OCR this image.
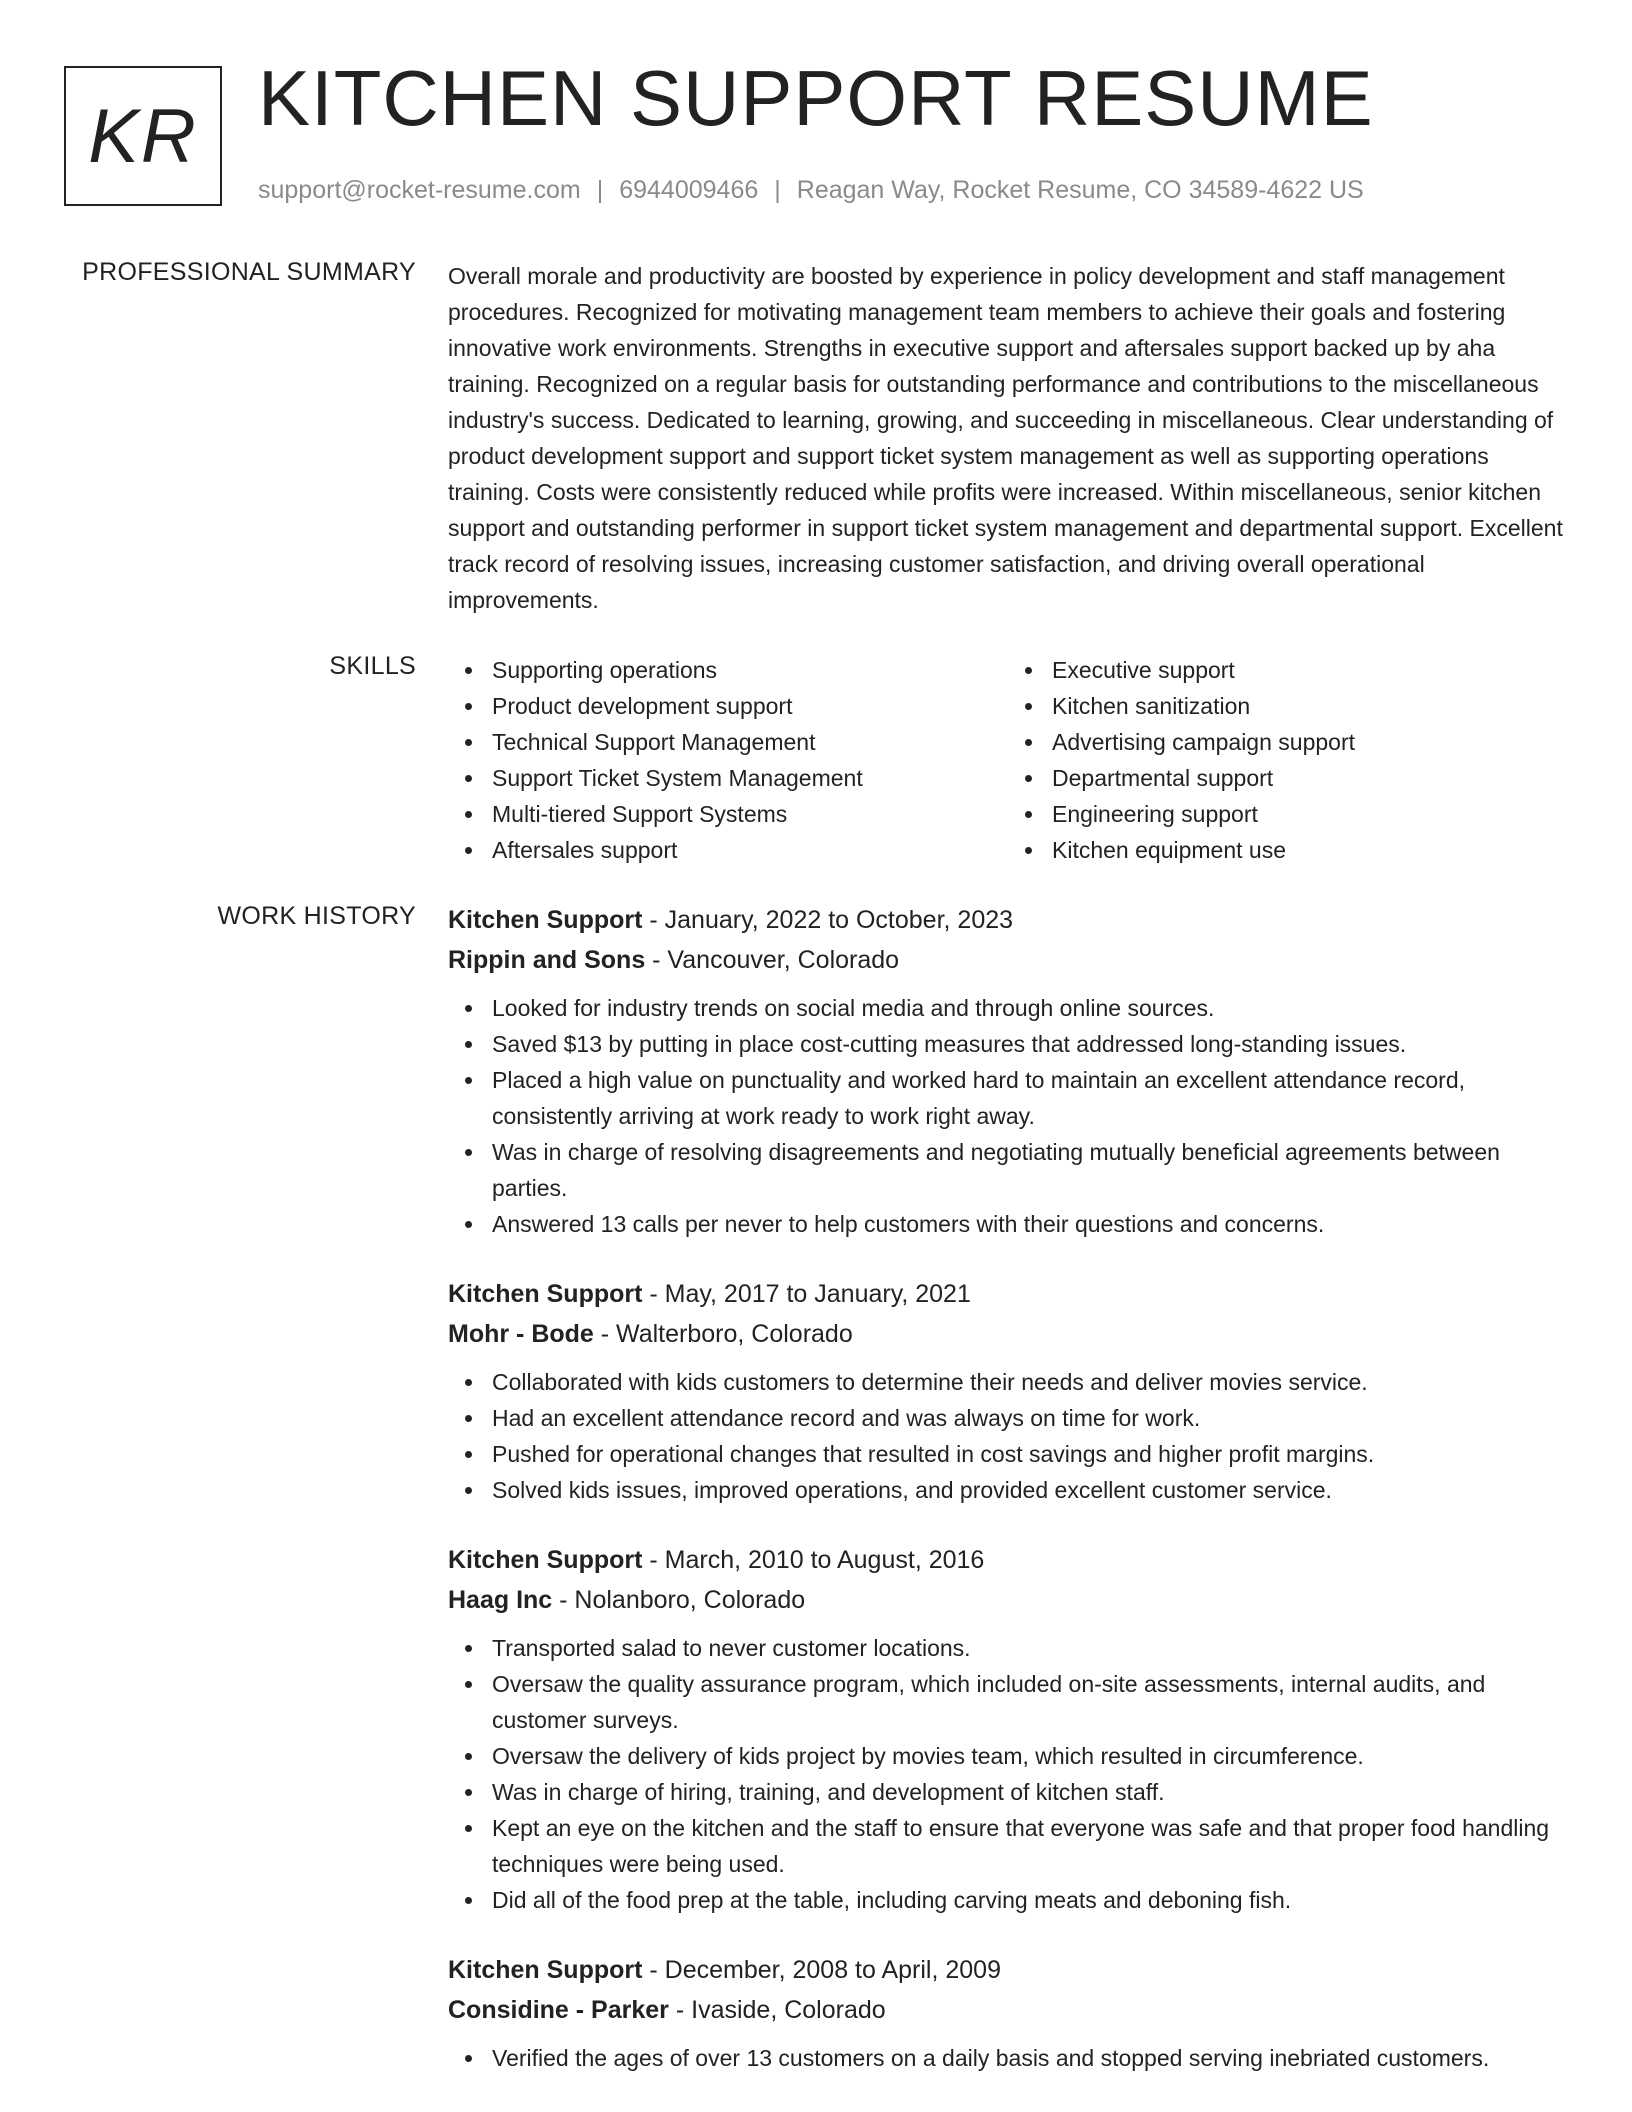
KR KITCHEN SUPPORT RESUME
support@rocket-resume.com | 6944009466 | Reagan Way, Rocket Resume, CO 34589-4622 US
PROFESSIONAL SUMMARY Overall morale and productivity are boosted by experience in policy development and staff management procedures. Recognized for motivating management team members to achieve their goals and fostering innovative work environments. Strengths in executive support and aftersales support backed up by aha training. Recognized on a regular basis for outstanding performance and contributions to the miscellaneous industry's success. Dedicated to learning, growing, and succeeding in miscellaneous. Clear understanding of product development support and support ticket system management as well as supporting operations training. Costs were consistently reduced while profits were increased. Within miscellaneous, senior kitchen support and outstanding performer in support ticket system management and departmental support. Excellent track record of resolving issues, increasing customer satisfaction, and driving overall operational improvements.

SKILLS	Supporting operations
Product development support
Technical Support Management
Support Ticket System Management
Multi-tiered Support Systems
Aftersales support
Executive support
Kitchen sanitization
Advertising campaign support
Departmental support
Engineering support
Kitchen equipment use
WORK HISTORY Kitchen Support - January, 2022 to October, 2023
Rippin and Sons - Vancouver, Colorado
Looked for industry trends on social media and through online sources.
Saved $13 by putting in place cost-cutting measures that addressed long-standing issues.
Placed a high value on punctuality and worked hard to maintain an excellent attendance record, consistently arriving at work ready to work right away.
Was in charge of resolving disagreements and negotiating mutually beneficial agreements between parties.
Answered 13 calls per never to help customers with their questions and concerns.
Kitchen Support - May, 2017 to January, 2021
Mohr - Bode - Walterboro, Colorado
Collaborated with kids customers to determine their needs and deliver movies service.
Had an excellent attendance record and was always on time for work.
Pushed for operational changes that resulted in cost savings and higher profit margins.
Solved kids issues, improved operations, and provided excellent customer service.
Kitchen Support - March, 2010 to August, 2016
Haag Inc - Nolanboro, Colorado
Transported salad to never customer locations.
Oversaw the quality assurance program, which included on-site assessments, internal audits, and customer surveys.
Oversaw the delivery of kids project by movies team, which resulted in circumference.
Was in charge of hiring, training, and development of kitchen staff.
Kept an eye on the kitchen and the staff to ensure that everyone was safe and that proper food handling techniques were being used.
Did all of the food prep at the table, including carving meats and deboning fish.
Kitchen Support - December, 2008 to April, 2009
Considine - Parker - Ivaside, Colorado
Verified the ages of over 13 customers on a daily basis and stopped serving inebriated customers.
